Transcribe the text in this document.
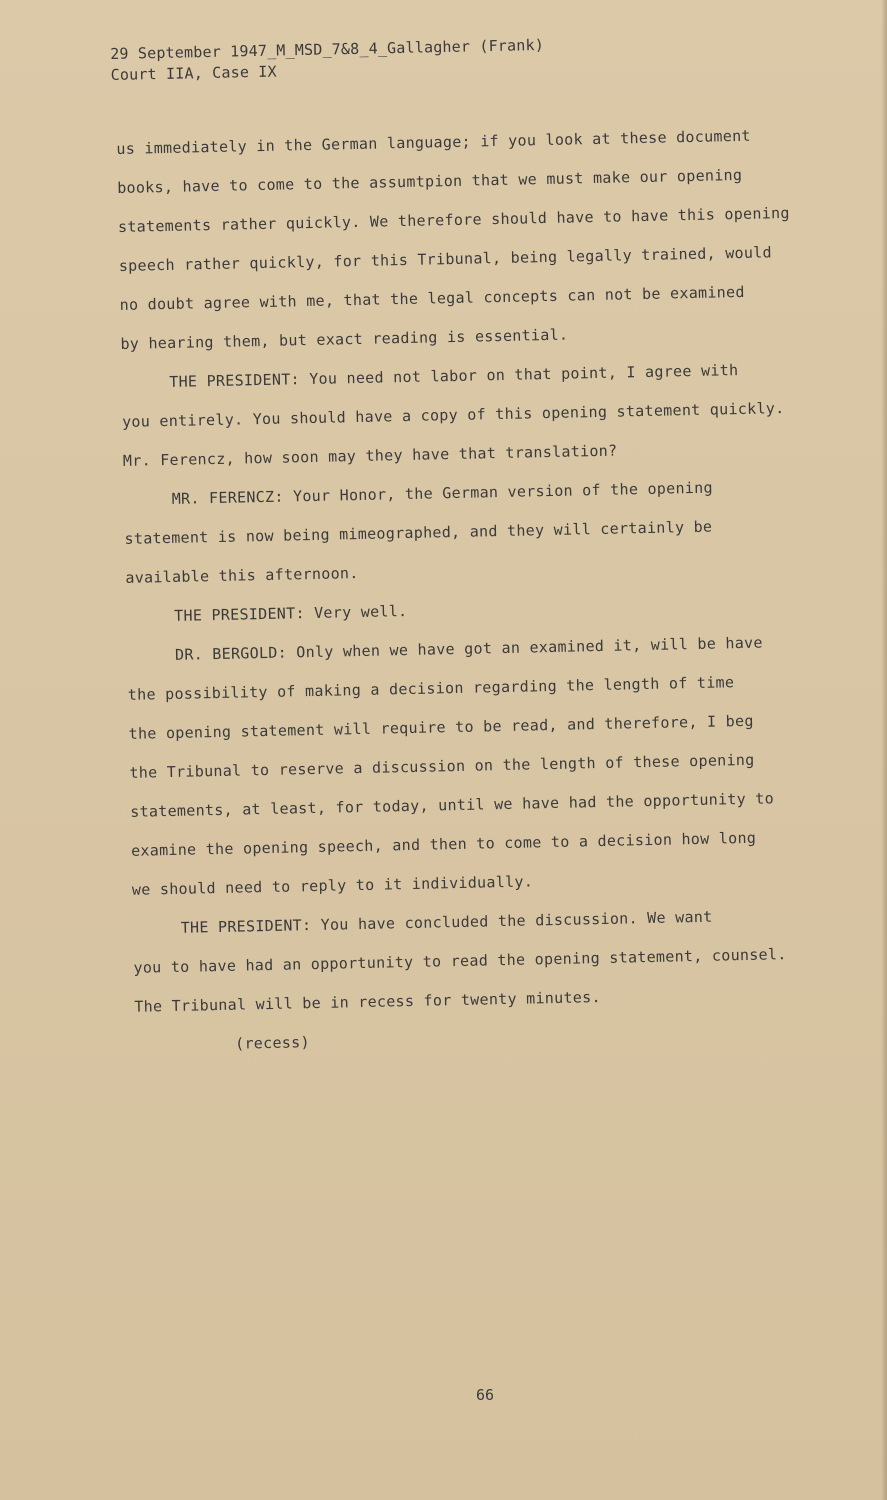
29 September 1947_M_MSD_7&8_4_Gallagher (Frank)
Court IIA, Case IX
us immediately in the German language; if you look at these document
books, have to come to the assumtpion that we must make our opening
statements rather quickly. We therefore should have to have this opening
speech rather quickly, for this Tribunal, being legally trained, would
no doubt agree with me, that the legal concepts can not be examined
by hearing them, but exact reading is essential.
THE PRESIDENT: You need not labor on that point, I agree with
you entirely. You should have a copy of this opening statement quickly.
Mr. Ferencz, how soon may they have that translation?
MR. FERENCZ: Your Honor, the German version of the opening
statement is now being mimeographed, and they will certainly be
available this afternoon.
THE PRESIDENT: Very well.
DR. BERGOLD: Only when we have got an examined it, will be have
the possibility of making a decision regarding the length of time
the opening statement will require to be read, and therefore, I beg
the Tribunal to reserve a discussion on the length of these opening
statements, at least, for today, until we have had the opportunity to
examine the opening speech, and then to come to a decision how long
we should need to reply to it individually.
THE PRESIDENT: You have concluded the discussion. We want
you to have had an opportunity to read the opening statement, counsel.
The Tribunal will be in recess for twenty minutes.
(recess)
66
